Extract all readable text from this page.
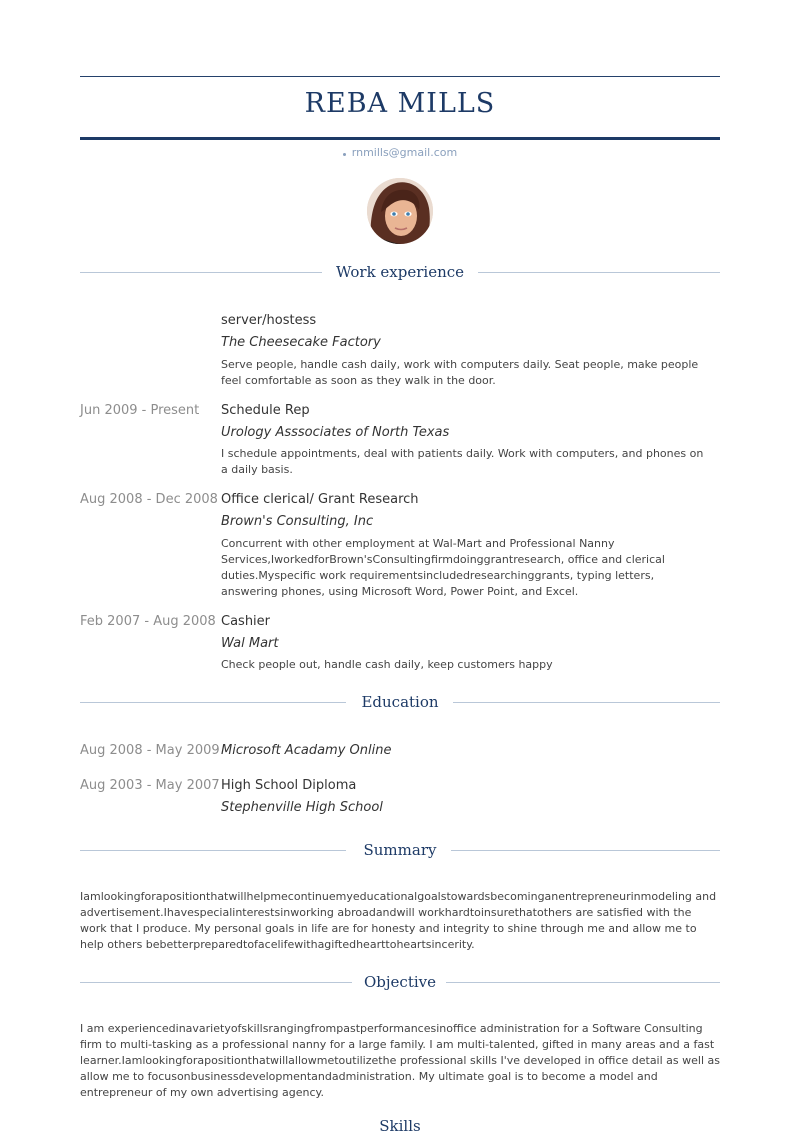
REBA MILLS
rnmills@gmail.com
Work experience
server/hostess
The Cheesecake Factory
Serve people, handle cash daily, work with computers daily. Seat people, make people feel comfortable as soon as they walk in the door.
Jun 2009 - Present Schedule Rep
Urology Asssociates of North Texas
I schedule appointments, deal with patients daily. Work with computers, and phones on a daily basis.
Aug 2008 - Dec 2008 Office clerical/ Grant Research
Brown's Consulting, Inc
Concurrent with other employment at Wal-Mart and Professional Nanny Services,IworkedforBrown'sConsultingfirmdoinggrantresearch, office and clerical duties.Myspecific work requirementsincludedresearchinggrants, typing letters, answering phones, using Microsoft Word, Power Point, and Excel.
Feb 2007 - Aug 2008 Cashier
Wal Mart
Check people out, handle cash daily, keep customers happy
Education
Aug 2008 - May 2009 Microsoft Acadamy Online
Aug 2003 - May 2007 High School Diploma
Stephenville High School
Summary
Iamlookingforapositionthatwillhelpmecontinuemyeducationalgoalstowardsbecominganentrepreneurinmodeling and advertisement.Ihavespecialinterestsinworking abroadandwill workhardtoinsurethatothers are satisfied with the work that I produce. My personal goals in life are for honesty and integrity to shine through me and allow me to help others bebetterpreparedtofacelifewithagiftedhearttoheartsincerity.
Objective
I am experiencedinavarietyofskillsrangingfrompastperformancesinoffice administration for a Software Consulting firm to multi-tasking as a professional nanny for a large family. I am multi-talented, gifted in many areas and a fast learner.Iamlookingforapositionthatwillallowmetoutilizethe professional skills I've developed in office detail as well as allow me to focusonbusinessdevelopmentandadministration. My ultimate goal is to become a model and entrepreneur of my own advertising agency.
Skills
